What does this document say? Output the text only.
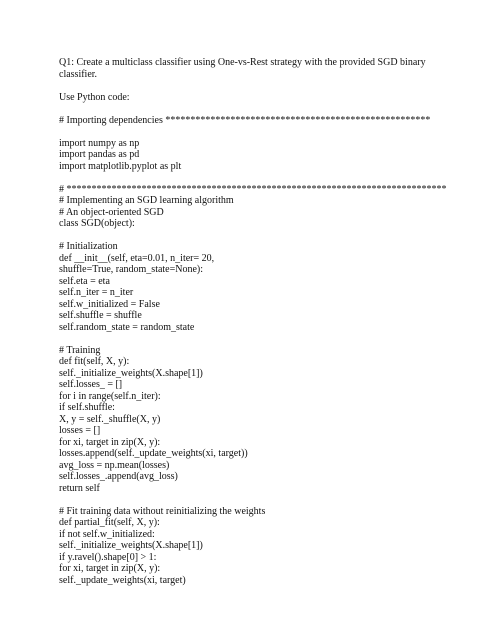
Q1: Create a multiclass classifier using One-vs-Rest strategy with the provided SGD binary classifier.
Use Python code:
# Importing dependencies *****************************************************
import numpy as np
import pandas as pd
import matplotlib.pyplot as plt
# ****************************************************************************
# Implementing an SGD learning algorithm
# An object-oriented SGD
class SGD(object):
# Initialization
def __init__(self, eta=0.01, n_iter= 20,
shuffle=True, random_state=None):
self.eta = eta
self.n_iter = n_iter
self.w_initialized = False
self.shuffle = shuffle
self.random_state = random_state
# Training
def fit(self, X, y):
self._initialize_weights(X.shape[1])
self.losses_ = []
for i in range(self.n_iter):
if self.shuffle:
X, y = self._shuffle(X, y)
losses = []
for xi, target in zip(X, y):
losses.append(self._update_weights(xi, target))
avg_loss = np.mean(losses)
self.losses_.append(avg_loss)
return self
# Fit training data without reinitializing the weights
def partial_fit(self, X, y):
if not self.w_initialized:
self._initialize_weights(X.shape[1])
if y.ravel().shape[0] > 1:
for xi, target in zip(X, y):
self._update_weights(xi, target)
